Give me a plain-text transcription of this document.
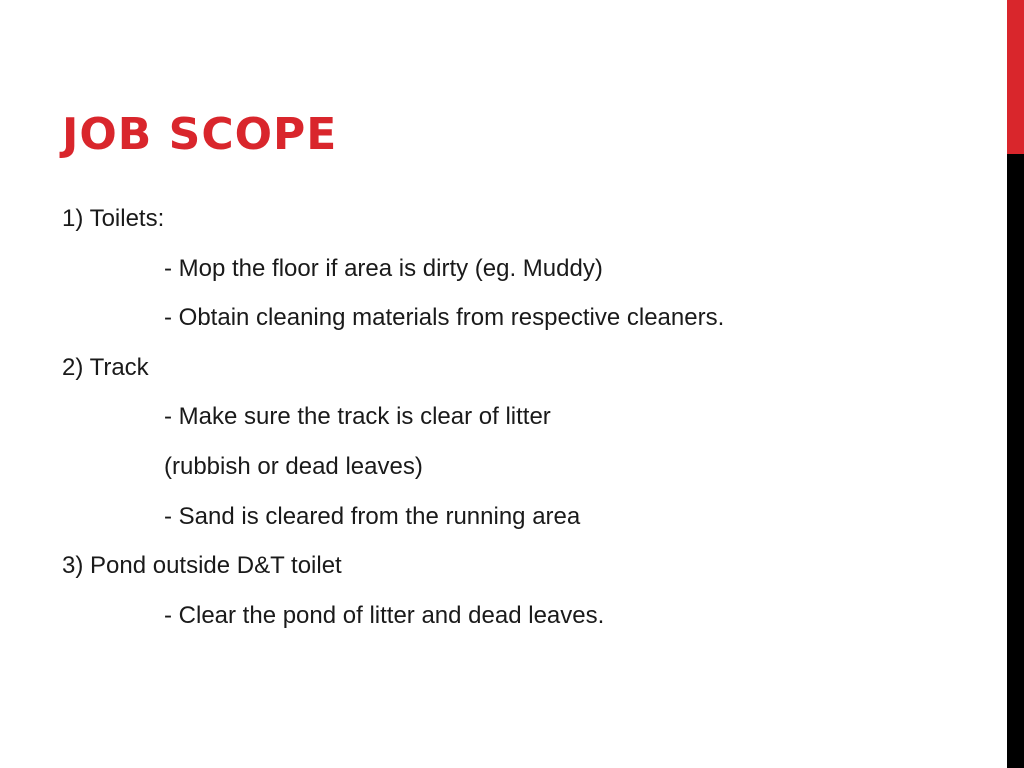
JOB SCOPE
1) Toilets:
- Mop the floor if area is dirty (eg. Muddy)
- Obtain cleaning materials from respective cleaners.
2) Track
- Make sure the track is clear of litter
(rubbish or dead leaves)
- Sand is cleared from the running area
3) Pond outside D&T toilet
- Clear the pond of litter and dead leaves.
